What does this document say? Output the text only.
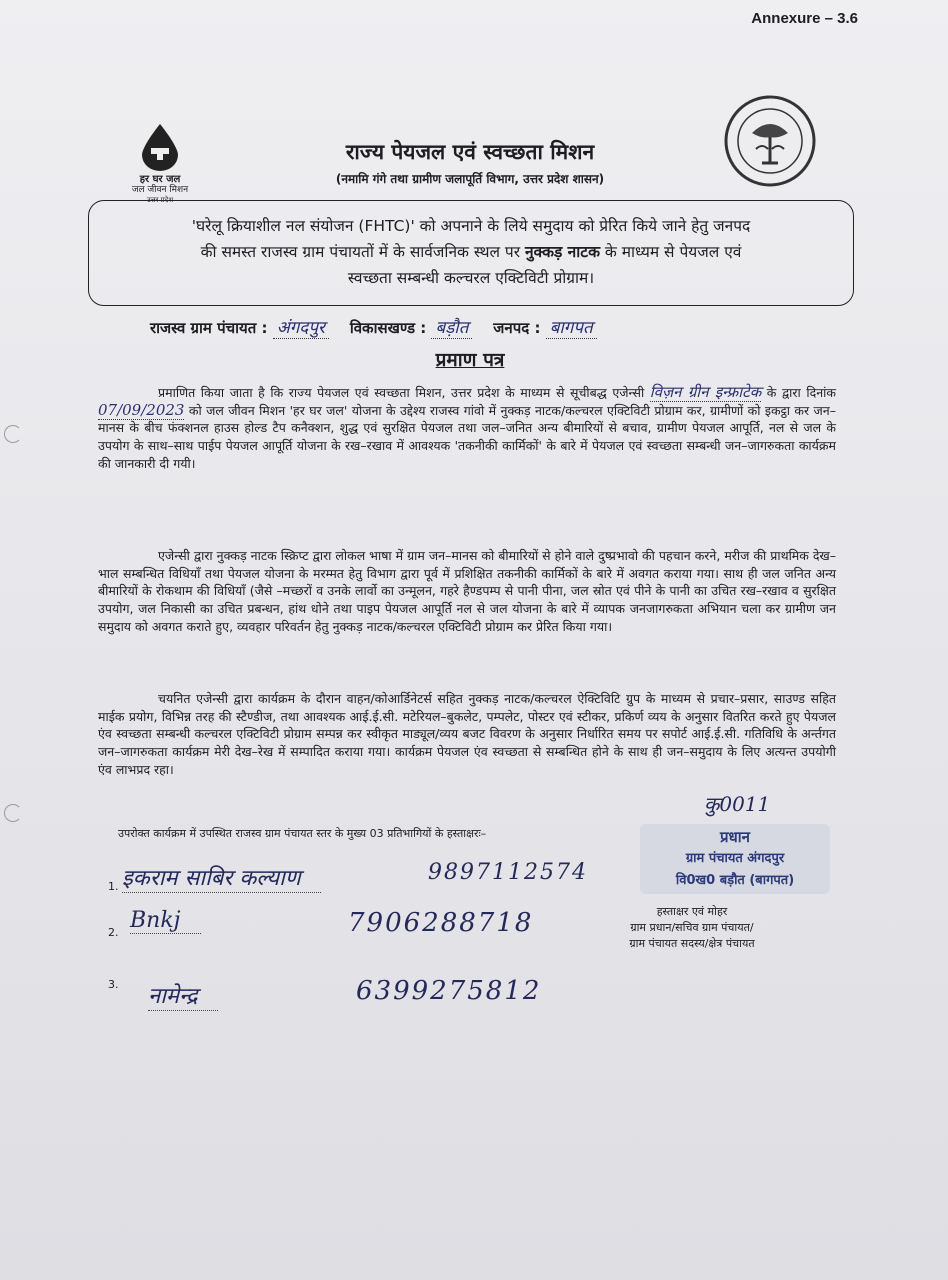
Annexure – 3.6
हर घर जल
जल जीवन मिशन
उत्तर प्रदेश
राज्य पेयजल एवं स्वच्छता मिशन
(नमामि गंगे तथा ग्रामीण जलापूर्ति विभाग, उत्तर प्रदेश शासन)
'घरेलू क्रियाशील नल संयोजन (FHTC)' को अपनाने के लिये समुदाय को प्रेरित किये जाने हेतु जनपद
की समस्त राजस्व ग्राम पंचायतों में के सार्वजनिक स्थल पर नुक्कड़ नाटक के माध्यम से पेयजल एवं
स्वच्छता सम्बन्धी कल्चरल एक्टिविटी प्रोग्राम।
राजस्व ग्राम पंचायत : अंगदपुर विकासखण्ड : बड़ौत जनपद : बागपत
प्रमाण पत्र
प्रमाणित किया जाता है कि राज्य पेयजल एवं स्वच्छता मिशन, उत्तर प्रदेश के माध्यम से सूचीबद्ध एजेन्सी विज़न ग्रीन इन्फ्राटेक के द्वारा दिनांक 07/09/2023 को जल जीवन मिशन 'हर घर जल' योजना के उद्देश्य राजस्व गांवो में नुक्कड़ नाटक/कल्चरल एक्टिविटी प्रोग्राम कर, ग्रामीणों को इकट्ठा कर जन–मानस के बीच फंक्शनल हाउस होल्ड टैप कनैक्शन, शुद्ध एवं सुरक्षित पेयजल तथा जल–जनित अन्य बीमारियों से बचाव, ग्रामीण पेयजल आपूर्ति, नल से जल के उपयोग के साथ–साथ पाईप पेयजल आपूर्ति योजना के रख–रखाव में आवश्यक 'तकनीकी कार्मिकों' के बारे में पेयजल एवं स्वच्छता सम्बन्धी जन–जागरुकता कार्यक्रम की जानकारी दी गयी।
एजेन्सी द्वारा नुक्कड़ नाटक स्क्रिप्ट द्वारा लोकल भाषा में ग्राम जन–मानस को बीमारियों से होने वाले दुष्प्रभावो की पहचान करने, मरीज की प्राथमिक देख–भाल सम्बन्धित विधियाँ तथा पेयजल योजना के मरम्मत हेतु विभाग द्वारा पूर्व में प्रशिक्षित तकनीकी कार्मिकों के बारे में अवगत कराया गया। साथ ही जल जनित अन्य बीमारियों के रोकथाम की विधियाँ (जैसे –मच्छरों व उनके लार्वो का उन्मूलन, गहरे हैण्डपम्प से पानी पीना, जल स्रोत एवं पीने के पानी का उचित रख–रखाव व सुरक्षित उपयोग, जल निकासी का उचित प्रबन्धन, हांथ धोने तथा पाइप पेयजल आपूर्ति नल से जल योजना के बारे में व्यापक जनजागरुकता अभियान चला कर ग्रामीण जन समुदाय को अवगत कराते हुए, व्यवहार परिवर्तन हेतु नुक्कड़ नाटक/कल्चरल एक्टिविटी प्रोग्राम कर प्रेरित किया गया।
चयनित एजेन्सी द्वारा कार्यक्रम के दौरान वाहन/कोआर्डिनेटर्स सहित नुक्कड़ नाटक/कल्चरल ऐक्टिविटि ग्रुप के माध्यम से प्रचार–प्रसार, साउण्ड सहित माईक प्रयोग, विभिन्न तरह की स्टैण्डीज, तथा आवश्यक आई.ई.सी. मटेरियल–बुकलेट, पम्पलेट, पोस्टर एवं स्टीकर, प्रकिर्ण व्यय के अनुसार वितरित करते हुए पेयजल एंव स्वच्छता सम्बन्धी कल्चरल एक्टिविटी प्रोग्राम सम्पन्न कर स्वीकृत माड्यूल/व्यय बजट विवरण के अनुसार निर्धारित समय पर सपोर्ट आई.ई.सी. गतिविधि के अर्न्तगत जन–जागरुकता कार्यक्रम मेरी देख–रेख में सम्पादित कराया गया। कार्यक्रम पेयजल एंव स्वच्छता से सम्बन्धित होने के साथ ही जन–समुदाय के लिए अत्यन्त उपयोगी एंव लाभप्रद रहा।
उपरोक्त कार्यक्रम में उपस्थित राजस्व ग्राम पंचायत स्तर के मुख्य 03 प्रतिभागियों के हस्ताक्षरः–
1. इकराम साबिर कल्याण	9897112574
2. Bnkj	7906288718
3. नामेन्द्र	6399275812
कु0011
प्रधान
ग्राम पंचायत अंगदपुर
वि0ख0 बड़ौत (बागपत)
हस्ताक्षर एवं मोहर
ग्राम प्रधान/सचिव ग्राम पंचायत/
ग्राम पंचायत सदस्य/क्षेत्र पंचायत
